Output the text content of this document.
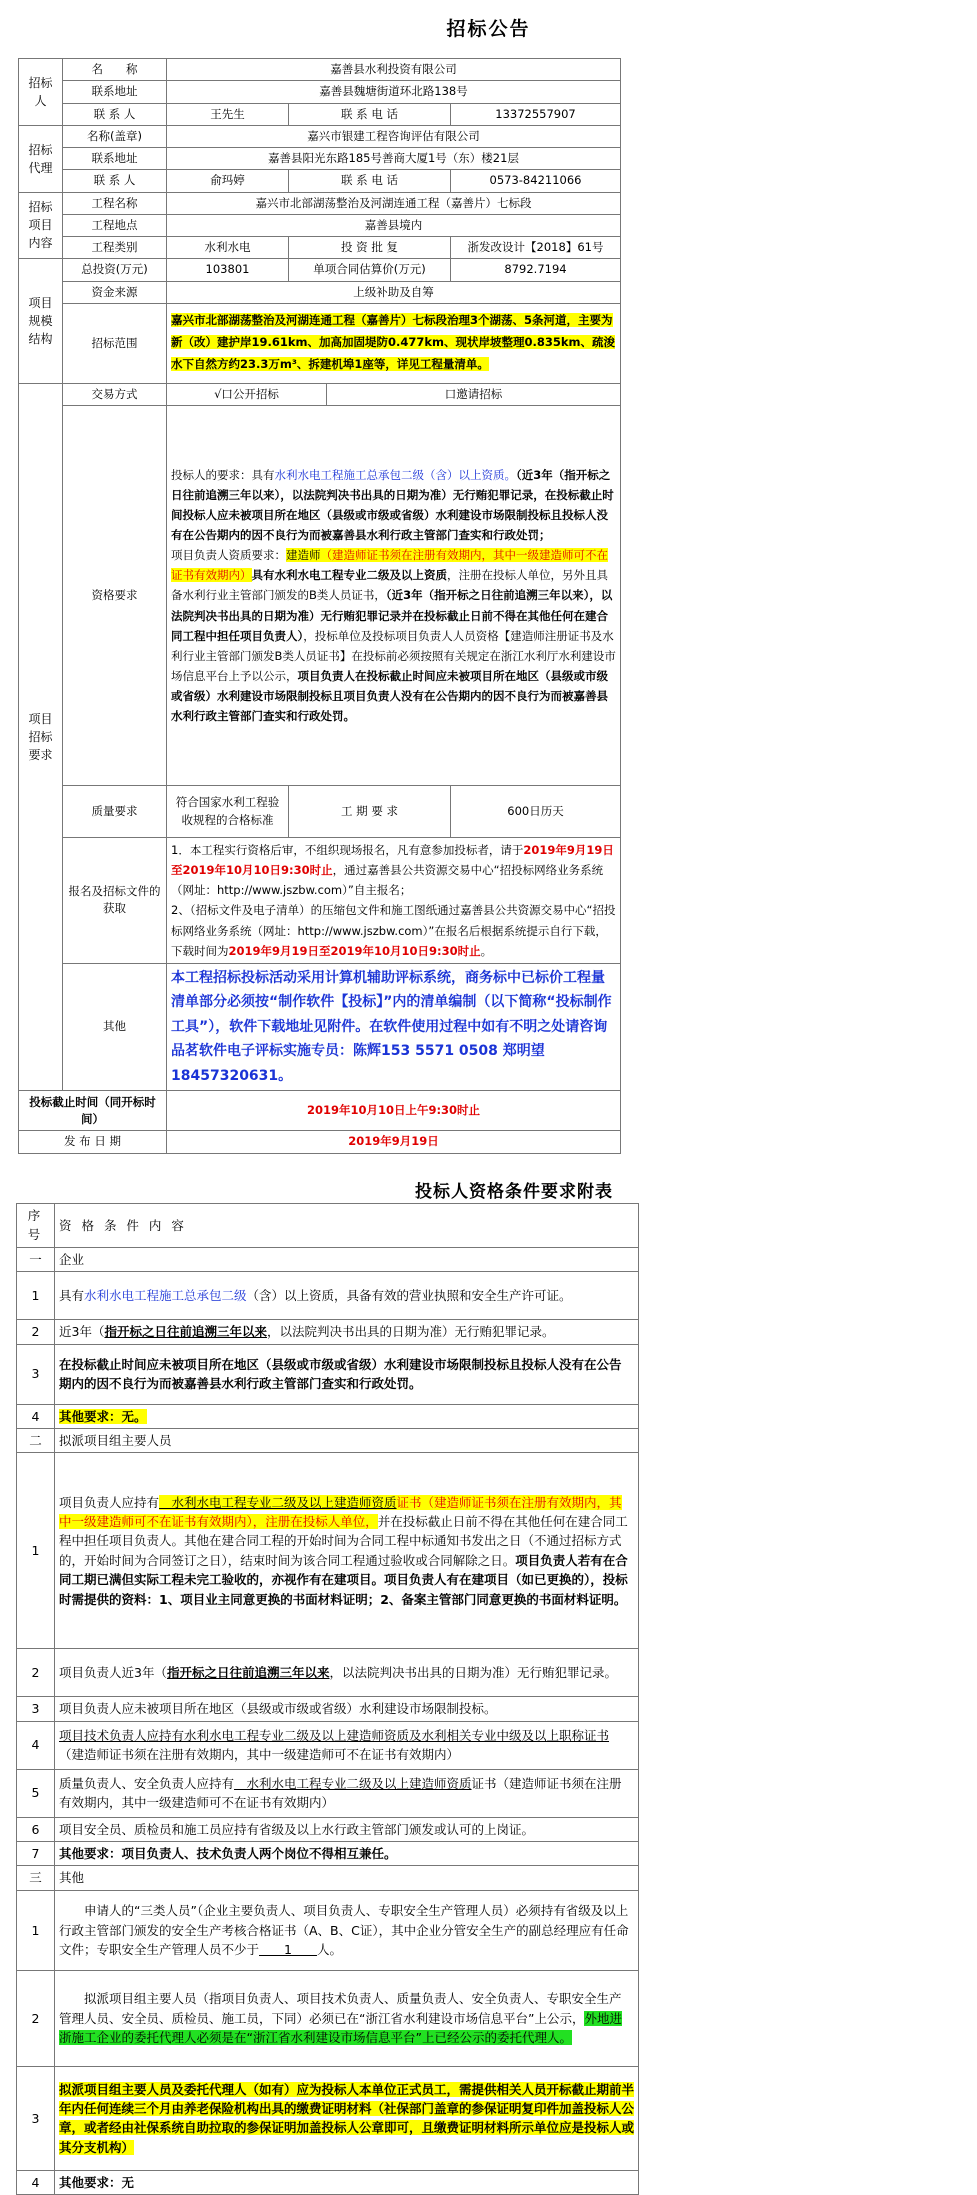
招标公告
招标人	名　　称	嘉善县水利投资有限公司			
	联系地址	嘉善县魏塘街道环北路138号			
	联 系 人	王先生	联 系 电 话		13372557907
招标代理	名称(盖章)	嘉兴市银建工程咨询评估有限公司			
	联系地址	嘉善县阳光东路185号善商大厦1号（东）楼21层			
	联 系 人	俞玛婷	联 系 电 话		0573-84211066
招标项目内容	工程名称	嘉兴市北部湖荡整治及河湖连通工程（嘉善片）七标段			
	工程地点	嘉善县境内			
	工程类别	水利水电	投 资 批 复		浙发改设计【2018】61号
项目规模结构	总投资(万元)	103801	单项合同估算价(万元)		8792.7194
	资金来源	上级补助及自筹			
	招标范围	嘉兴市北部湖荡整治及河湖连通工程（嘉善片）七标段治理3个湖荡、5条河道，主要为新（改）建护岸19.61km、加高加固堤防0.477km、现状岸坡整理0.835km、疏浚水下自然方约23.3万m³、拆建机埠1座等，详见工程量清单。			
项目招标要求	交易方式	√口公开招标		口邀请招标	
	资格要求	投标人的要求：具有水利水电工程施工总承包二级（含）以上资质。（近3年（指开标之日往前追溯三年以来），以法院判决书出具的日期为准）无行贿犯罪记录，在投标截止时间投标人应未被项目所在地区（县级或市级或省级）水利建设市场限制投标且投标人没有在公告期内的因不良行为而被嘉善县水利行政主管部门查实和行政处罚；
项目负责人资质要求：建造师（建造师证书须在注册有效期内，其中一级建造师可不在证书有效期内）具有水利水电工程专业二级及以上资质，注册在投标人单位，另外且具备水利行业主管部门颁发的B类人员证书，（近3年（指开标之日往前追溯三年以来），以法院判决书出具的日期为准）无行贿犯罪记录并在投标截止日前不得在其他任何在建合同工程中担任项目负责人），投标单位及投标项目负责人人员资格【建造师注册证书及水利行业主管部门颁发B类人员证书】在投标前必须按照有关规定在浙江水利厅水利建设市场信息平台上予以公示，项目负责人在投标截止时间应未被项目所在地区（县级或市级或省级）水利建设市场限制投标且项目负责人没有在公告期内的因不良行为而被嘉善县水利行政主管部门查实和行政处罚。			

	质量要求	符合国家水利工程验收规程的合格标准	工 期 要 求		600日历天
	报名及招标文件的获取	1．本工程实行资格后审，不组织现场报名，凡有意参加投标者，请于2019年9月19日至2019年10月10日9:30时止，通过嘉善县公共资源交易中心“招投标网络业务系统（网址：http://www.jszbw.com）”自主报名；
2、（招标文件及电子清单）的压缩包文件和施工图纸通过嘉善县公共资源交易中心“招投标网络业务系统（网址：http://www.jszbw.com）”在报名后根据系统提示自行下载，下载时间为2019年9月19日至2019年10月10日9:30时止。			

	其他	本工程招标投标活动采用计算机辅助评标系统，商务标中已标价工程量清单部分必须按“制作软件【投标】”内的清单编制（以下简称“投标制作工具”），软件下载地址见附件。在软件使用过程中如有不明之处请咨询品茗软件电子评标实施专员：陈辉153 5571 0508 郑明望18457320631。			
投标截止时间（同开标时间）		2019年10月10日上午9:30时止			
发 布 日 期		2019年9月19日			
投标人资格条件要求附表
序号	资 格 条 件 内 容
一	企业
1	具有水利水电工程施工总承包二级（含）以上资质，具备有效的营业执照和安全生产许可证。
2	近3年（指开标之日往前追溯三年以来，以法院判决书出具的日期为准）无行贿犯罪记录。
3	在投标截止时间应未被项目所在地区（县级或市级或省级）水利建设市场限制投标且投标人没有在公告期内的因不良行为而被嘉善县水利行政主管部门查实和行政处罚。
4	其他要求：无。
二	拟派项目组主要人员
1	项目负责人应持有　水利水电工程专业二级及以上建造师资质证书（建造师证书须在注册有效期内，其中一级建造师可不在证书有效期内），注册在投标人单位，并在投标截止日前不得在其他任何在建合同工程中担任项目负责人。其他在建合同工程的开始时间为合同工程中标通知书发出之日（不通过招标方式的，开始时间为合同签订之日），结束时间为该合同工程通过验收或合同解除之日。项目负责人若有在合同工期已满但实际工程未完工验收的，亦视作有在建项目。项目负责人有在建项目（如已更换的），投标时需提供的资料：1、项目业主同意更换的书面材料证明；2、备案主管部门同意更换的书面材料证明。
2	项目负责人近3年（指开标之日往前追溯三年以来，以法院判决书出具的日期为准）无行贿犯罪记录。
3	项目负责人应未被项目所在地区（县级或市级或省级）水利建设市场限制投标。
4	项目技术负责人应持有水利水电工程专业二级及以上建造师资质及水利相关专业中级及以上职称证书（建造师证书须在注册有效期内，其中一级建造师可不在证书有效期内）
5	质量负责人、安全负责人应持有　水利水电工程专业二级及以上建造师资质证书（建造师证书须在注册有效期内，其中一级建造师可不在证书有效期内）
6	项目安全员、质检员和施工员应持有省级及以上水行政主管部门颁发或认可的上岗证。
7	其他要求：项目负责人、技术负责人两个岗位不得相互兼任。
三	其他
1	　　申请人的“三类人员”（企业主要负责人、项目负责人、专职安全生产管理人员）必须持有省级及以上行政主管部门颁发的安全生产考核合格证书（A、B、C证），其中企业分管安全生产的副总经理应有任命文件；专职安全生产管理人员不少于　　1　　人。
2	　　拟派项目组主要人员（指项目负责人、项目技术负责人、质量负责人、安全负责人、专职安全生产管理人员、安全员、质检员、施工员，下同）必须已在“浙江省水利建设市场信息平台”上公示，外地进浙施工企业的委托代理人必须是在“浙江省水利建设市场信息平台”上已经公示的委托代理人。
3	拟派项目组主要人员及委托代理人（如有）应为投标人本单位正式员工，需提供相关人员开标截止期前半年内任何连续三个月由养老保险机构出具的缴费证明材料（社保部门盖章的参保证明复印件加盖投标人公章，或者经由社保系统自助拉取的参保证明加盖投标人公章即可，且缴费证明材料所示单位应是投标人或其分支机构）
4	其他要求：无
